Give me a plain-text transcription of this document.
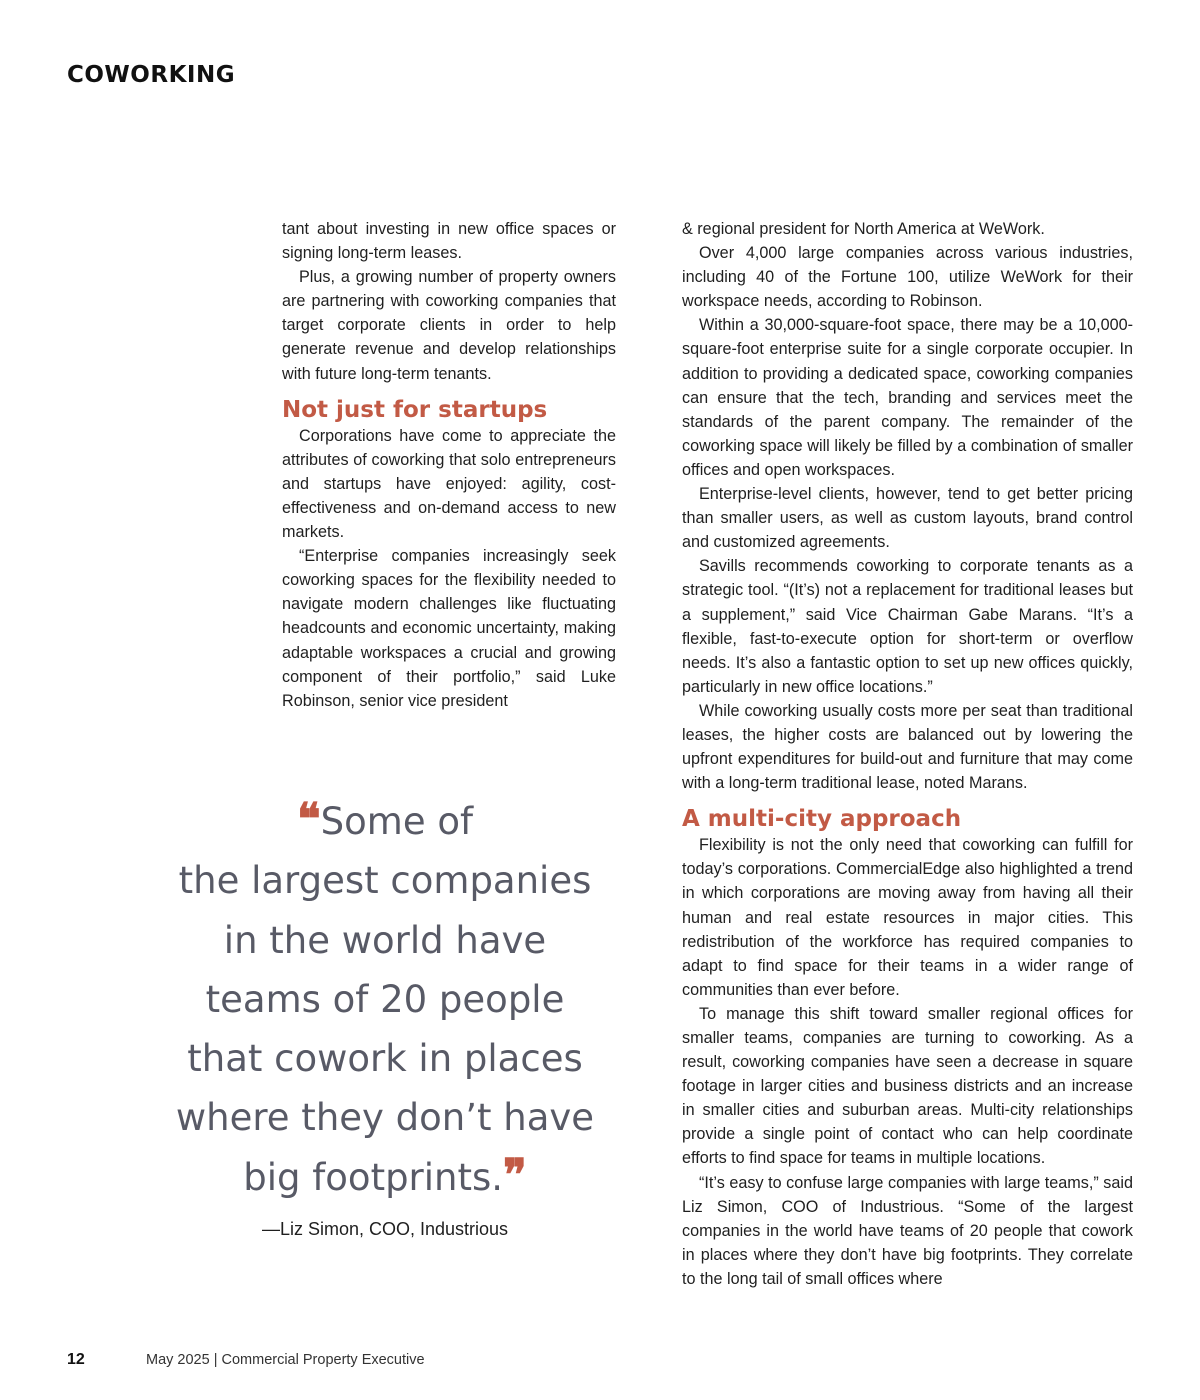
COWORKING

tant about investing in new office spaces or signing long-term leases.

Plus, a growing number of property owners are partnering with coworking companies that target corporate clients in order to help generate revenue and develop relationships with future long-term tenants.

Not just for startups

Corporations have come to appreciate the attributes of coworking that solo entrepreneurs and startups have enjoyed: agility, cost-effectiveness and on-demand access to new markets.

“Enterprise companies increasingly seek coworking spaces for the flexibility needed to navigate modern challenges like fluctuating headcounts and economic uncertainty, making adaptable workspaces a crucial and growing component of their portfolio,” said Luke Robinson, senior vice president

❝Some of
the largest companies
in the world have
teams of 20 people
that cowork in places
where they don’t have
big footprints.❞

—Liz Simon, COO, Industrious

& regional president for North America at WeWork.

Over 4,000 large companies across various industries, including 40 of the Fortune 100, utilize WeWork for their workspace needs, according to Robinson.

Within a 30,000-square-foot space, there may be a 10,000-square-foot enterprise suite for a single corporate occupier. In addition to providing a dedicated space, coworking companies can ensure that the tech, branding and services meet the standards of the parent company. The remainder of the coworking space will likely be filled by a combination of smaller offices and open workspaces.

Enterprise-level clients, however, tend to get better pricing than smaller users, as well as custom layouts, brand control and customized agreements.

Savills recommends coworking to corporate tenants as a strategic tool. “(It’s) not a replacement for traditional leases but a supplement,” said Vice Chairman Gabe Marans. “It’s a flexible, fast-to-execute option for short-term or overflow needs. It’s also a fantastic option to set up new offices quickly, particularly in new office locations.”

While coworking usually costs more per seat than traditional leases, the higher costs are balanced out by lowering the upfront expenditures for build-out and furniture that may come with a long-term traditional lease, noted Marans.

A multi-city approach

Flexibility is not the only need that coworking can fulfill for today’s corporations. CommercialEdge also highlighted a trend in which corporations are moving away from having all their human and real estate resources in major cities. This redistribution of the workforce has required companies to adapt to find space for their teams in a wider range of communities than ever before.

To manage this shift toward smaller regional offices for smaller teams, companies are turning to coworking. As a result, coworking companies have seen a decrease in square footage in larger cities and business districts and an increase in smaller cities and suburban areas. Multi-city relationships provide a single point of contact who can help coordinate efforts to find space for teams in multiple locations.

“It’s easy to confuse large companies with large teams,” said Liz Simon, COO of Industrious. “Some of the largest companies in the world have teams of 20 people that cowork in places where they don’t have big footprints. They correlate to the long tail of small offices where

12	May 2025 | Commercial Property Executive
